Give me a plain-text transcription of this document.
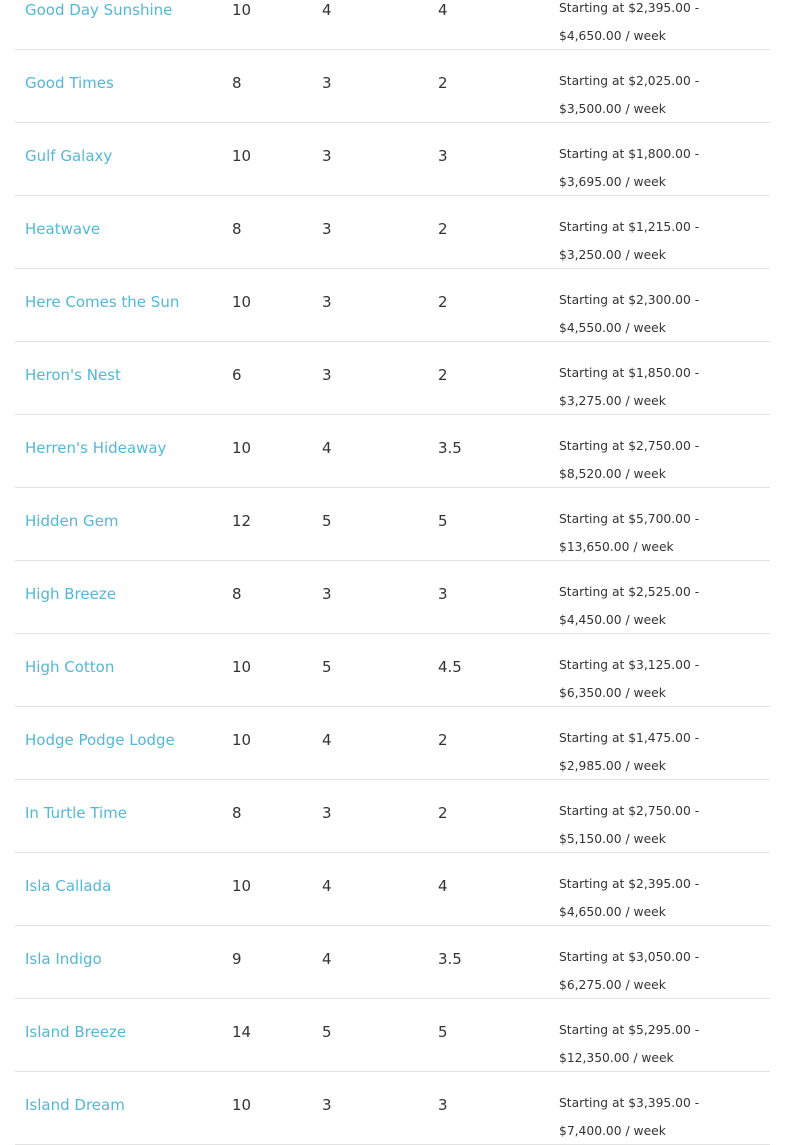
Good Day Sunshine	10	4	4	Starting at $2,395.00 - $4,650.00 / week
Good Times	8	3	2	Starting at $2,025.00 - $3,500.00 / week
Gulf Galaxy	10	3	3	Starting at $1,800.00 - $3,695.00 / week
Heatwave	8	3	2	Starting at $1,215.00 - $3,250.00 / week
Here Comes the Sun	10	3	2	Starting at $2,300.00 - $4,550.00 / week
Heron's Nest	6	3	2	Starting at $1,850.00 - $3,275.00 / week
Herren's Hideaway	10	4	3.5	Starting at $2,750.00 - $8,520.00 / week
Hidden Gem	12	5	5	Starting at $5,700.00 - $13,650.00 / week
High Breeze	8	3	3	Starting at $2,525.00 - $4,450.00 / week
High Cotton	10	5	4.5	Starting at $3,125.00 - $6,350.00 / week
Hodge Podge Lodge	10	4	2	Starting at $1,475.00 - $2,985.00 / week
In Turtle Time	8	3	2	Starting at $2,750.00 - $5,150.00 / week
Isla Callada	10	4	4	Starting at $2,395.00 - $4,650.00 / week
Isla Indigo	9	4	3.5	Starting at $3,050.00 - $6,275.00 / week
Island Breeze	14	5	5	Starting at $5,295.00 - $12,350.00 / week
Island Dream	10	3	3	Starting at $3,395.00 - $7,400.00 / week
